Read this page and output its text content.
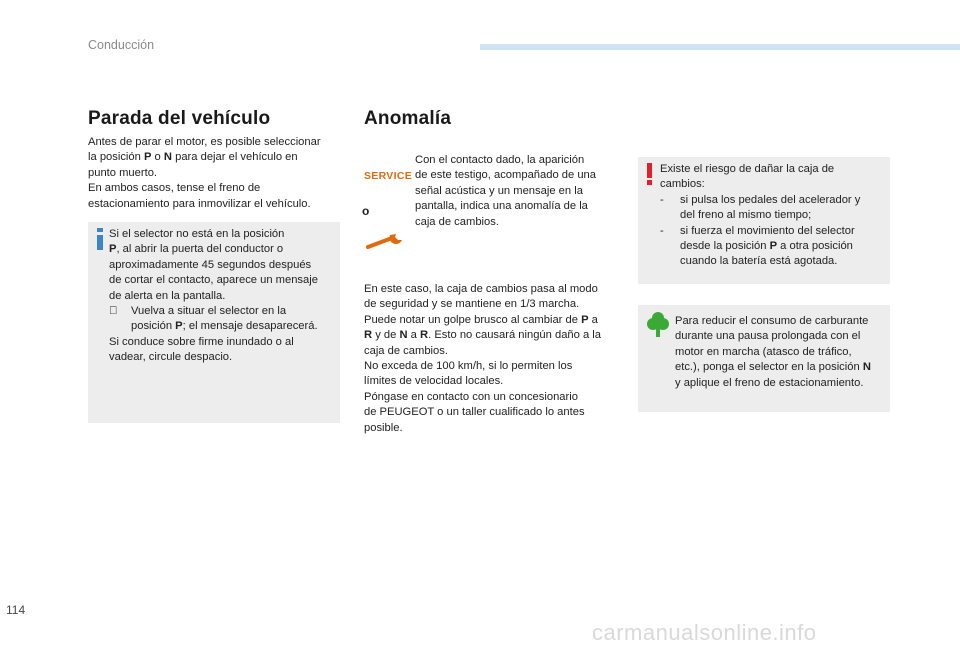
Conducción
Parada del vehículo
Antes de parar el motor, es posible seleccionar
la posición P o N para dejar el vehículo en
punto muerto.
En ambos casos, tense el freno de
estacionamiento para inmovilizar el vehículo.
Si el selector no está en la posición
P, al abrir la puerta del conductor o
aproximadamente 45 segundos después
de cortar el contacto, aparece un mensaje
de alerta en la pantalla.
Vuelva a situar el selector en la
posición P; el mensaje desaparecerá.
Si conduce sobre firme inundado o al
vadear, circule despacio.
Anomalía
SERVICE
o
Con el contacto dado, la aparición
de este testigo, acompañado de una
señal acústica y un mensaje en la
pantalla, indica una anomalía de la
caja de cambios.
En este caso, la caja de cambios pasa al modo
de seguridad y se mantiene en 1/3 marcha.
Puede notar un golpe brusco al cambiar de P a
R y de N a R. Esto no causará ningún daño a la
caja de cambios.
No exceda de 100 km/h, si lo permiten los
límites de velocidad locales.
Póngase en contacto con un concesionario
de PEUGEOT o un taller cualificado lo antes
posible.
Existe el riesgo de dañar la caja de
cambios:
-	si pulsa los pedales del acelerador y
del freno al mismo tiempo;
-	si fuerza el movimiento del selector
desde la posición P a otra posición
cuando la batería está agotada.
Para reducir el consumo de carburante
durante una pausa prolongada con el
motor en marcha (atasco de tráfico,
etc.), ponga el selector en la posición N
y aplique el freno de estacionamiento.
114
carmanualsonline.info
